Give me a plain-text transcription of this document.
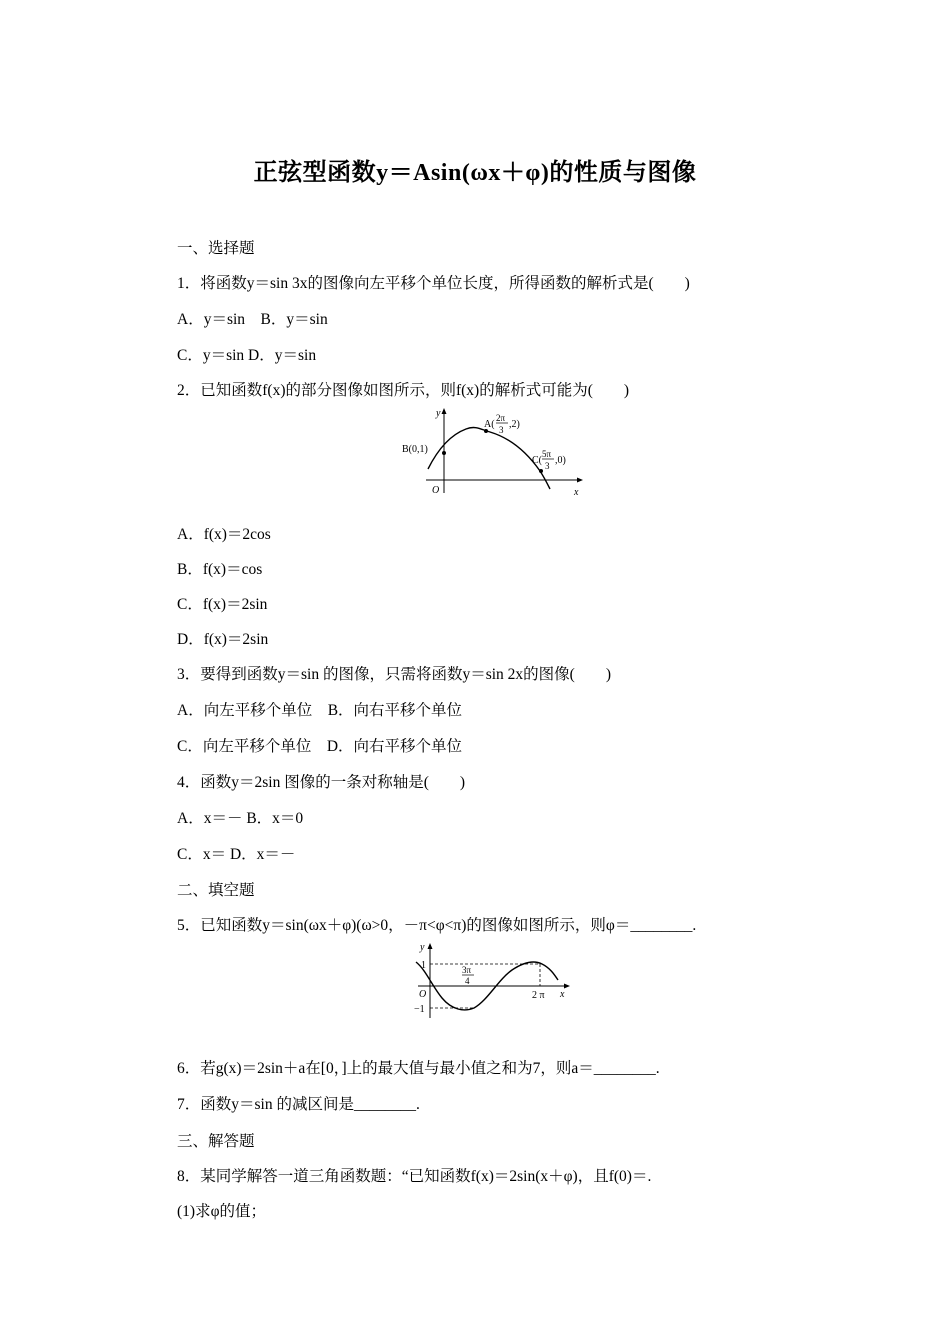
正弦型函数y＝Asin(ωx＋φ)的性质与图像
一、选择题
1．将函数y＝sin 3x的图像向左平移个单位长度，所得函数的解析式是(　　)
A．y＝sin　B．y＝sin
C．y＝sin D．y＝sin
2．已知函数f(x)的部分图像如图所示，则f(x)的解析式可能为(　　)
y
x
O
B(0,1)
A(
2π
3 ,2)
C(
5π
3 ,0)
A．f(x)＝2cos
B．f(x)＝cos
C．f(x)＝2sin
D．f(x)＝2sin
3．要得到函数y＝sin 的图像，只需将函数y＝sin 2x的图像(　　)
A．向左平移个单位　B．向右平移个单位
C．向左平移个单位　D．向右平移个单位
4．函数y＝2sin 图像的一条对称轴是(　　)
A．x＝－ B．x＝0
C．x＝ D．x＝－
二、填空题
5．已知函数y＝sin(ωx＋φ)(ω>0，－π<φ<π)的图像如图所示，则φ＝________.
y
x
O
1
−1
3π
4
2 π
6．若g(x)＝2sin＋a在[0，]上的最大值与最小值之和为7，则a＝________.
7．函数y＝sin 的减区间是________.
三、解答题
8．某同学解答一道三角函数题：“已知函数f(x)＝2sin(x＋φ)，且f(0)＝.
(1)求φ的值；
